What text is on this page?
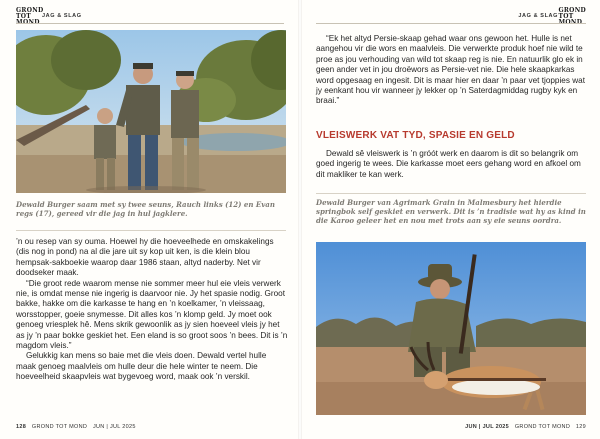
GROND
TOT	JAG & SLAG

Dewald Burger saam met sy twee seuns, Rauch links (12) en Evan regs (17), gereed vir die jag in hul jagklere.

’n ou resep van sy ouma. Hoewel hy die hoeveelhede en omskakelings (dis nog in pond) na al die jare uit sy kop uit ken, is die klein blou hempsak-sakboekie waarop daar 1986 staan, altyd naderby. Net vir doodseker maak.

“Die groot rede waarom mense nie sommer meer hul eie vleis verwerk nie, is omdat mense nie ingerig is daarvoor nie. Jy het spasie nodig. Groot bakke, hakke om die karkasse te hang en ’n koelkamer, ’n vleissaag, worsstopper, goeie snymesse. Dit alles kos ’n klomp geld. Jy moet ook genoeg vriesplek hê. Mens skrik gewoonlik as jy sien hoeveel vleis jy het as jy ’n paar bokke geskiet het. Een eland is so groot soos ’n bees. Dit is ’n magdom vleis.”

Gelukkig kan mens so baie met die vleis doen. Dewald vertel hulle maak genoeg maalvleis om hulle deur die hele winter te neem. Die hoeveelheid skaapvleis wat bygevoeg word, maak ook ’n verskil.

128 GROND TOT MOND JUN | JUL 2025
JAG & SLAG
GROND
TOT

“Ek het altyd Persie-skaap gehad waar ons gewoon het. Hulle is net aangehou vir die wors en maalvleis. Die verwerkte produk hoef nie wild te proe as jou verhouding van wild tot skaap reg is nie. En natuurlik glo ek in geen ander vet in jou droëwors as Persie-vet nie. Die hele skaapkarkas word opgesaag en ingesit. Dit is maar hier en daar ’n paar vet tjoppies wat jy eenkant hou vir wanneer jy lekker op ’n Saterdagmiddag rugby kyk en braai.”

VLEISWERK VAT TYD, SPASIE EN GELD

Dewald sê vleiswerk is ’n gróót werk en daarom is dit so belangrik om goed ingerig te wees. Die karkasse moet eers gehang word en afkoel om dit makliker te kan werk.

Dewald Burger van Agrimark Grain in Malmesbury het hierdie springbok self geskiet en verwerk. Dit is ’n tradisie wat hy as kind in die Karoo geleer het en nou met trots aan sy eie seuns oordra.

JUN | JUL 2025 GROND TOT MOND 129
